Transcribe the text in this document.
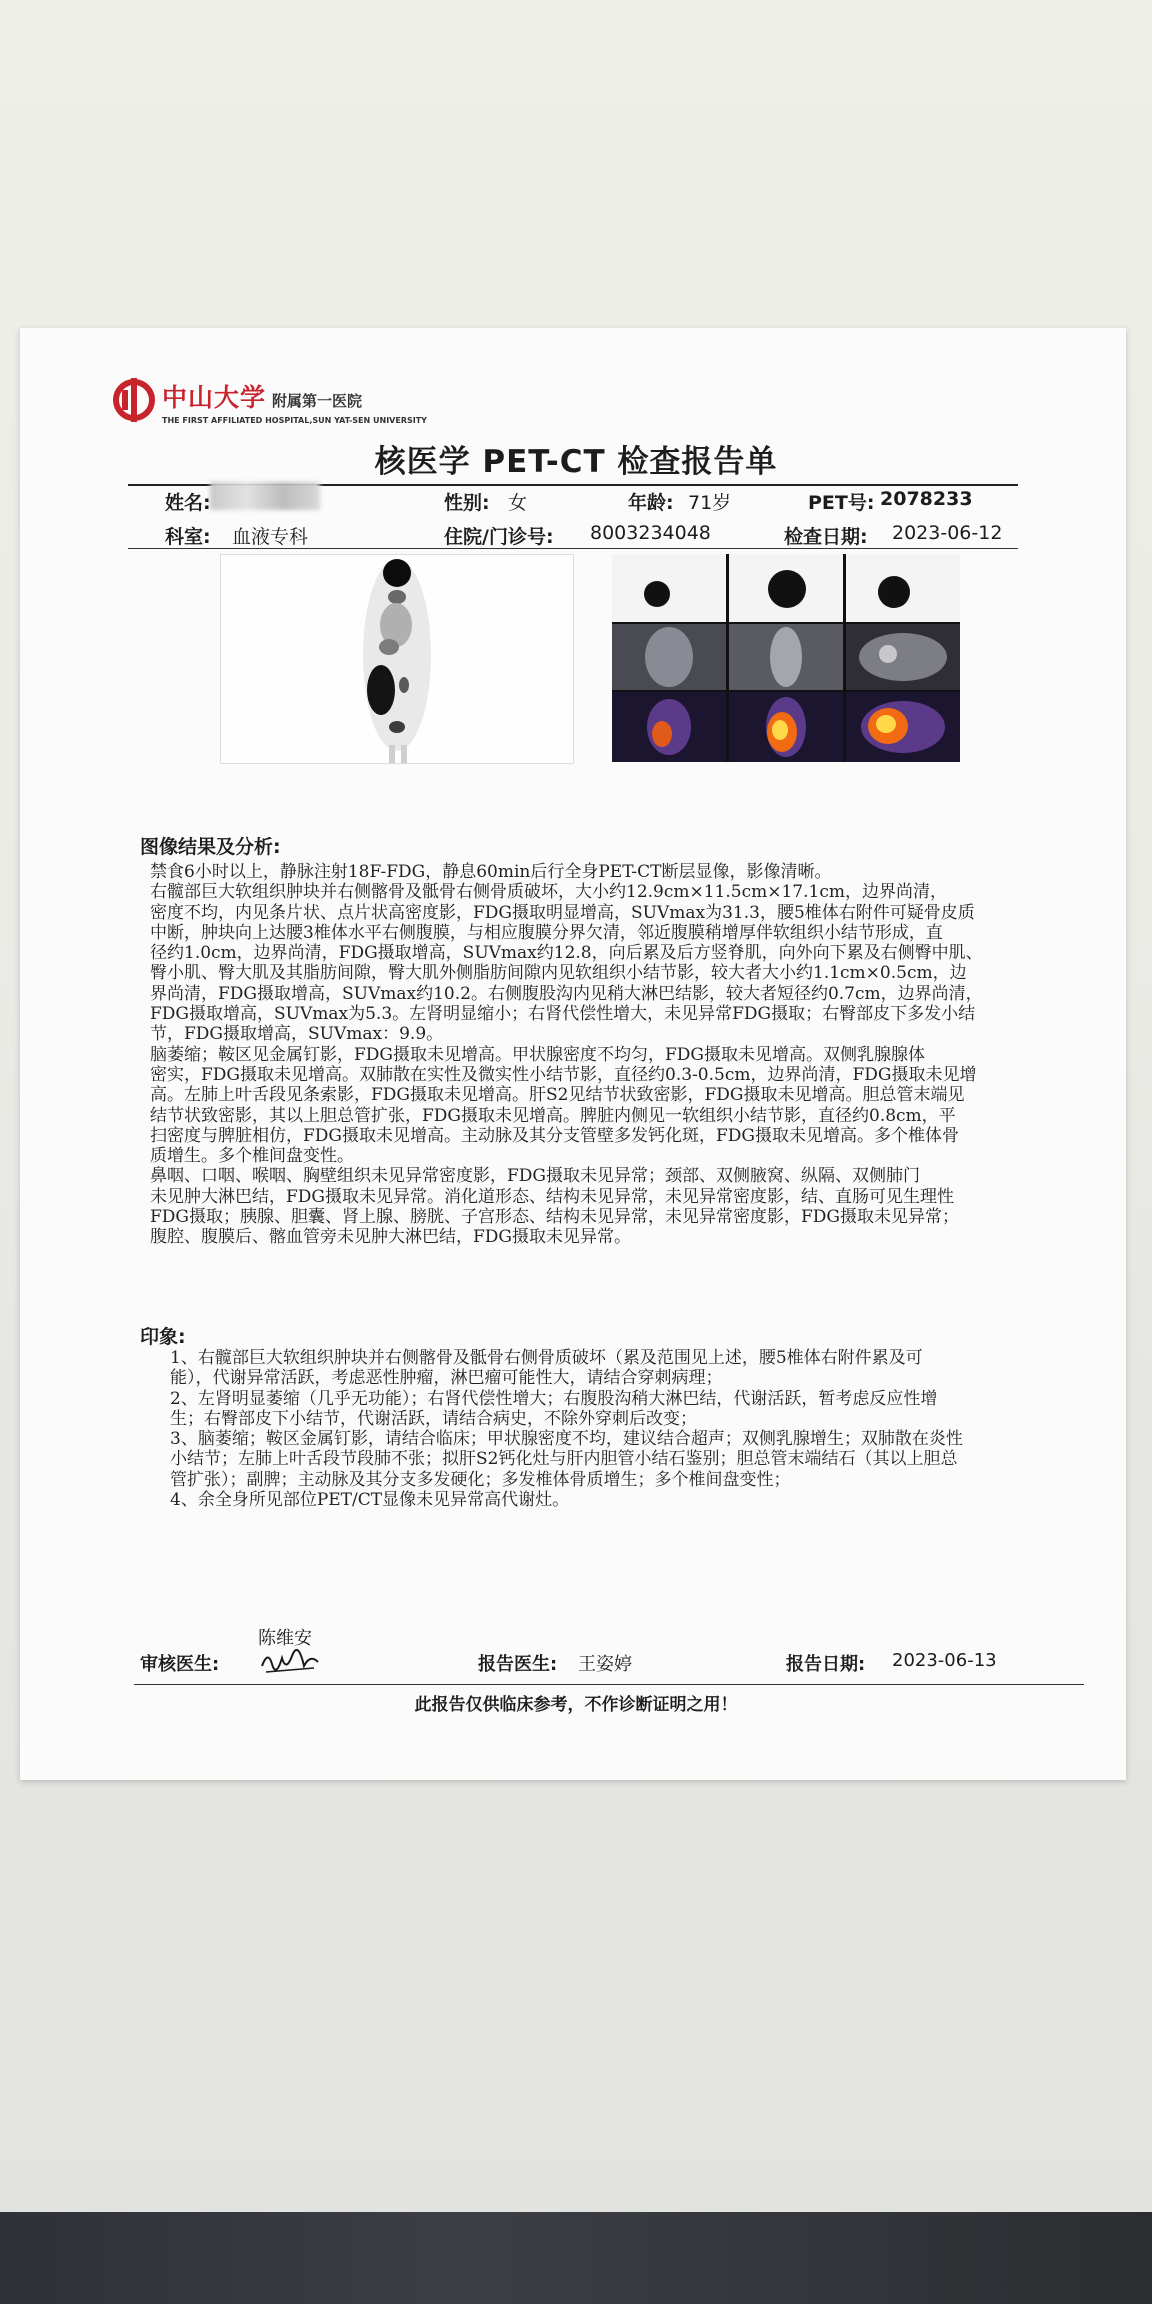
中山大学 附属第一医院
THE FIRST AFFILIATED HOSPITAL,SUN YAT-SEN UNIVERSITY
核医学 PET-CT 检查报告单
姓名:	性别: 女	年龄: 71岁	PET号: 2078233
科室: 血液专科	住院/门诊号: 8003234048	检查日期: 2023-06-12
图像结果及分析:
禁食6小时以上，静脉注射18F-FDG，静息60min后行全身PET-CT断层显像，影像清晰。
右髋部巨大软组织肿块并右侧髂骨及骶骨右侧骨质破坏，大小约12.9cm×11.5cm×17.1cm，边界尚清，
密度不均，内见条片状、点片状高密度影，FDG摄取明显增高，SUVmax为31.3，腰5椎体右附件可疑骨皮质
中断，肿块向上达腰3椎体水平右侧腹膜，与相应腹膜分界欠清，邻近腹膜稍增厚伴软组织小结节形成，直
径约1.0cm，边界尚清，FDG摄取增高，SUVmax约12.8，向后累及后方竖脊肌，向外向下累及右侧臀中肌、
臀小肌、臀大肌及其脂肪间隙，臀大肌外侧脂肪间隙内见软组织小结节影，较大者大小约1.1cm×0.5cm，边
界尚清，FDG摄取增高，SUVmax约10.2。右侧腹股沟内见稍大淋巴结影，较大者短径约0.7cm，边界尚清，
FDG摄取增高，SUVmax为5.3。左肾明显缩小；右肾代偿性增大，未见异常FDG摄取；右臀部皮下多发小结
节，FDG摄取增高，SUVmax：9.9。
脑萎缩；鞍区见金属钉影，FDG摄取未见增高。甲状腺密度不均匀，FDG摄取未见增高。双侧乳腺腺体
密实，FDG摄取未见增高。双肺散在实性及微实性小结节影，直径约0.3-0.5cm，边界尚清，FDG摄取未见增
高。左肺上叶舌段见条索影，FDG摄取未见增高。肝S2见结节状致密影，FDG摄取未见增高。胆总管末端见
结节状致密影，其以上胆总管扩张，FDG摄取未见增高。脾脏内侧见一软组织小结节影，直径约0.8cm，平
扫密度与脾脏相仿，FDG摄取未见增高。主动脉及其分支管壁多发钙化斑，FDG摄取未见增高。多个椎体骨
质增生。多个椎间盘变性。
鼻咽、口咽、喉咽、胸壁组织未见异常密度影，FDG摄取未见异常；颈部、双侧腋窝、纵隔、双侧肺门
未见肿大淋巴结，FDG摄取未见异常。消化道形态、结构未见异常，未见异常密度影，结、直肠可见生理性
FDG摄取；胰腺、胆囊、肾上腺、膀胱、子宫形态、结构未见异常，未见异常密度影，FDG摄取未见异常；
腹腔、腹膜后、髂血管旁未见肿大淋巴结，FDG摄取未见异常。
印象:
1、右髋部巨大软组织肿块并右侧髂骨及骶骨右侧骨质破坏（累及范围见上述，腰5椎体右附件累及可
能），代谢异常活跃，考虑恶性肿瘤，淋巴瘤可能性大，请结合穿刺病理；
2、左肾明显萎缩（几乎无功能）；右肾代偿性增大；右腹股沟稍大淋巴结，代谢活跃，暂考虑反应性增
生；右臀部皮下小结节，代谢活跃，请结合病史，不除外穿刺后改变；
3、脑萎缩；鞍区金属钉影，请结合临床；甲状腺密度不均，建议结合超声；双侧乳腺增生；双肺散在炎性
小结节；左肺上叶舌段节段肺不张；拟肝S2钙化灶与肝内胆管小结石鉴别；胆总管末端结石（其以上胆总
管扩张）；副脾；主动脉及其分支多发硬化；多发椎体骨质增生；多个椎间盘变性；
4、余全身所见部位PET/CT显像未见异常高代谢灶。
陈维安
审核医生:	报告医生: 王姿婷	报告日期: 2023-06-13
此报告仅供临床参考，不作诊断证明之用！
